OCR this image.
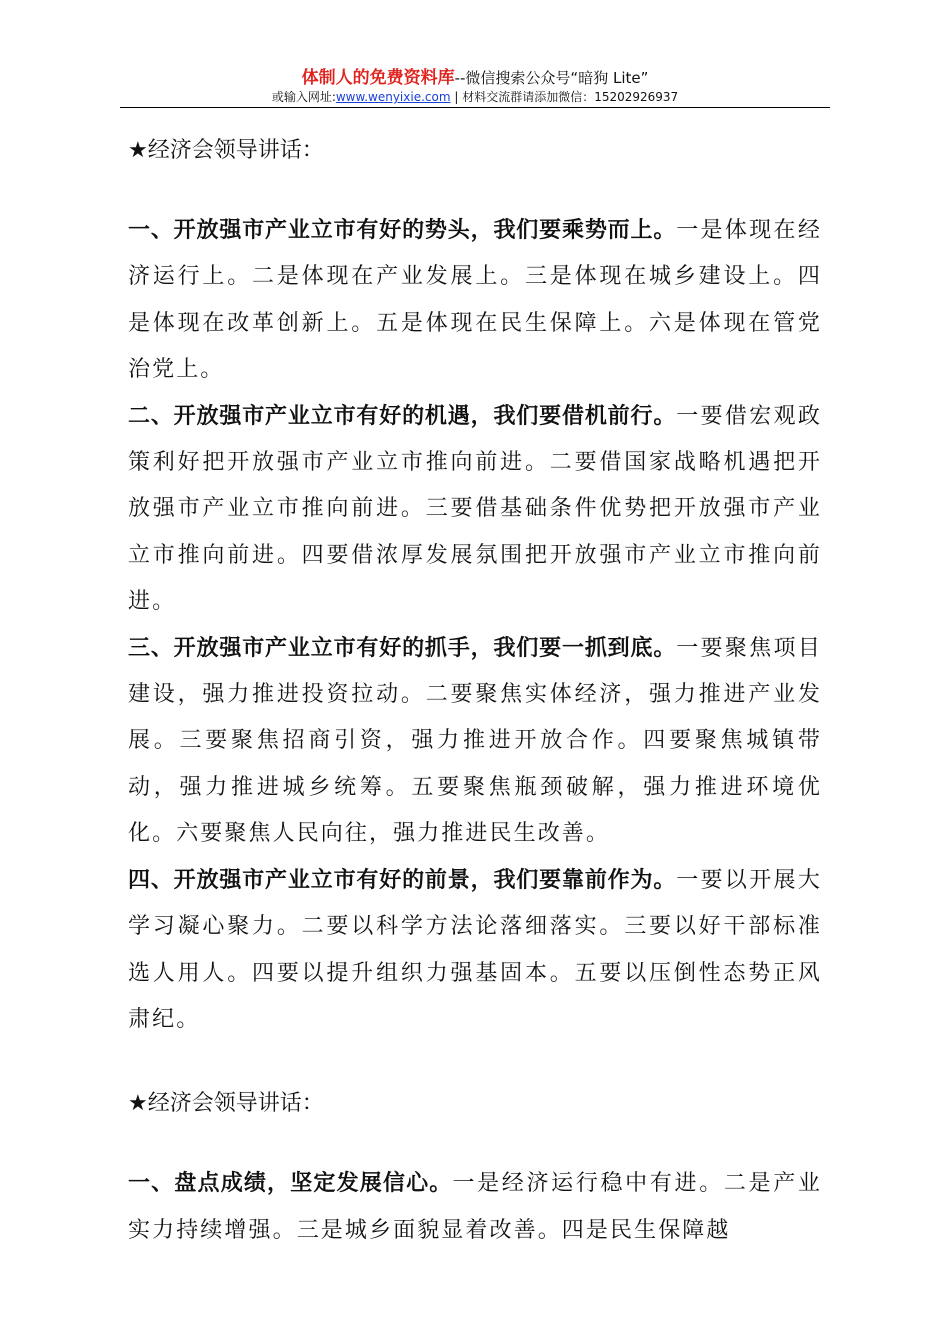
体制人的免费资料库--微信搜索公众号“暗狗 Lite”
或输入网址:www.wenyixie.com | 材料交流群请添加微信：15202926937
★经济会领导讲话：

一、开放强市产业立市有好的势头，我们要乘势而上。一是体现在经济运行上。二是体现在产业发展上。三是体现在城乡建设上。四是体现在改革创新上。五是体现在民生保障上。六是体现在管党治党上。

二、开放强市产业立市有好的机遇，我们要借机前行。一要借宏观政策利好把开放强市产业立市推向前进。二要借国家战略机遇把开放强市产业立市推向前进。三要借基础条件优势把开放强市产业立市推向前进。四要借浓厚发展氛围把开放强市产业立市推向前进。

三、开放强市产业立市有好的抓手，我们要一抓到底。一要聚焦项目建设，强力推进投资拉动。二要聚焦实体经济，强力推进产业发展。三要聚焦招商引资，强力推进开放合作。四要聚焦城镇带动，强力推进城乡统筹。五要聚焦瓶颈破解，强力推进环境优化。六要聚焦人民向往，强力推进民生改善。

四、开放强市产业立市有好的前景，我们要靠前作为。一要以开展大学习凝心聚力。二要以科学方法论落细落实。三要以好干部标准选人用人。四要以提升组织力强基固本。五要以压倒性态势正风肃纪。

★经济会领导讲话：

一、盘点成绩，坚定发展信心。一是经济运行稳中有进。二是产业实力持续增强。三是城乡面貌显着改善。四是民生保障越
